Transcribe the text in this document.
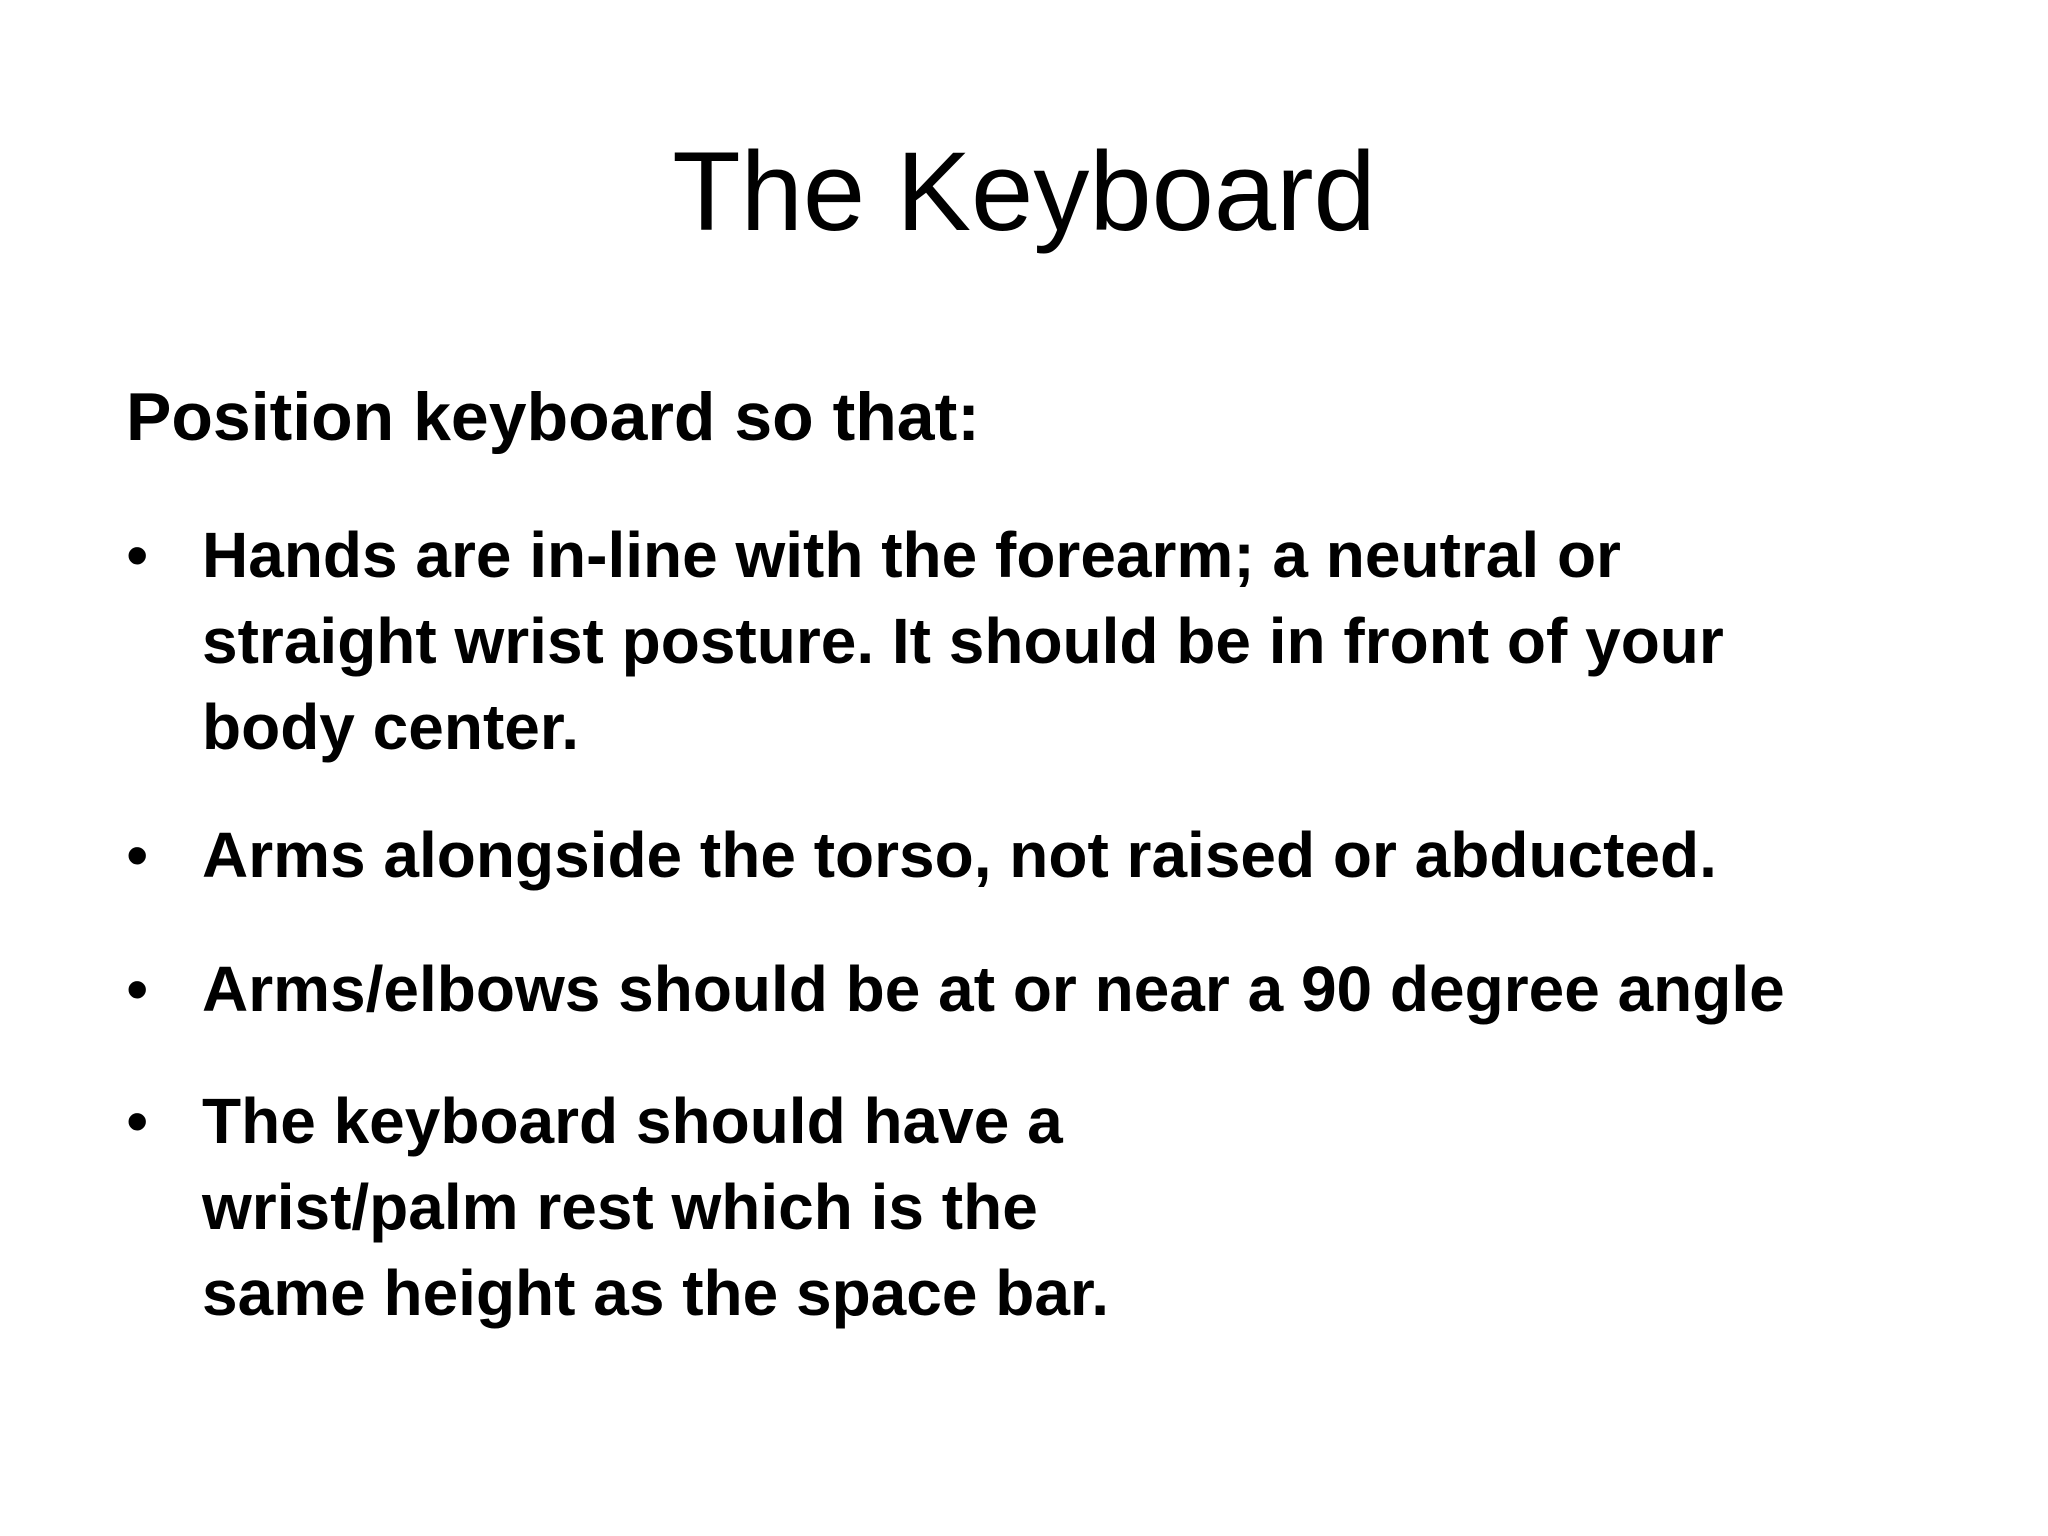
The Keyboard
Position keyboard so that:
• Hands are in-line with the forearm; a neutral or
straight wrist posture. It should be in front of your
body center.
• Arms alongside the torso, not raised or abducted.
• Arms/elbows should be at or near a 90 degree angle
• The keyboard should have a
wrist/palm rest which is the
same height as the space bar.
